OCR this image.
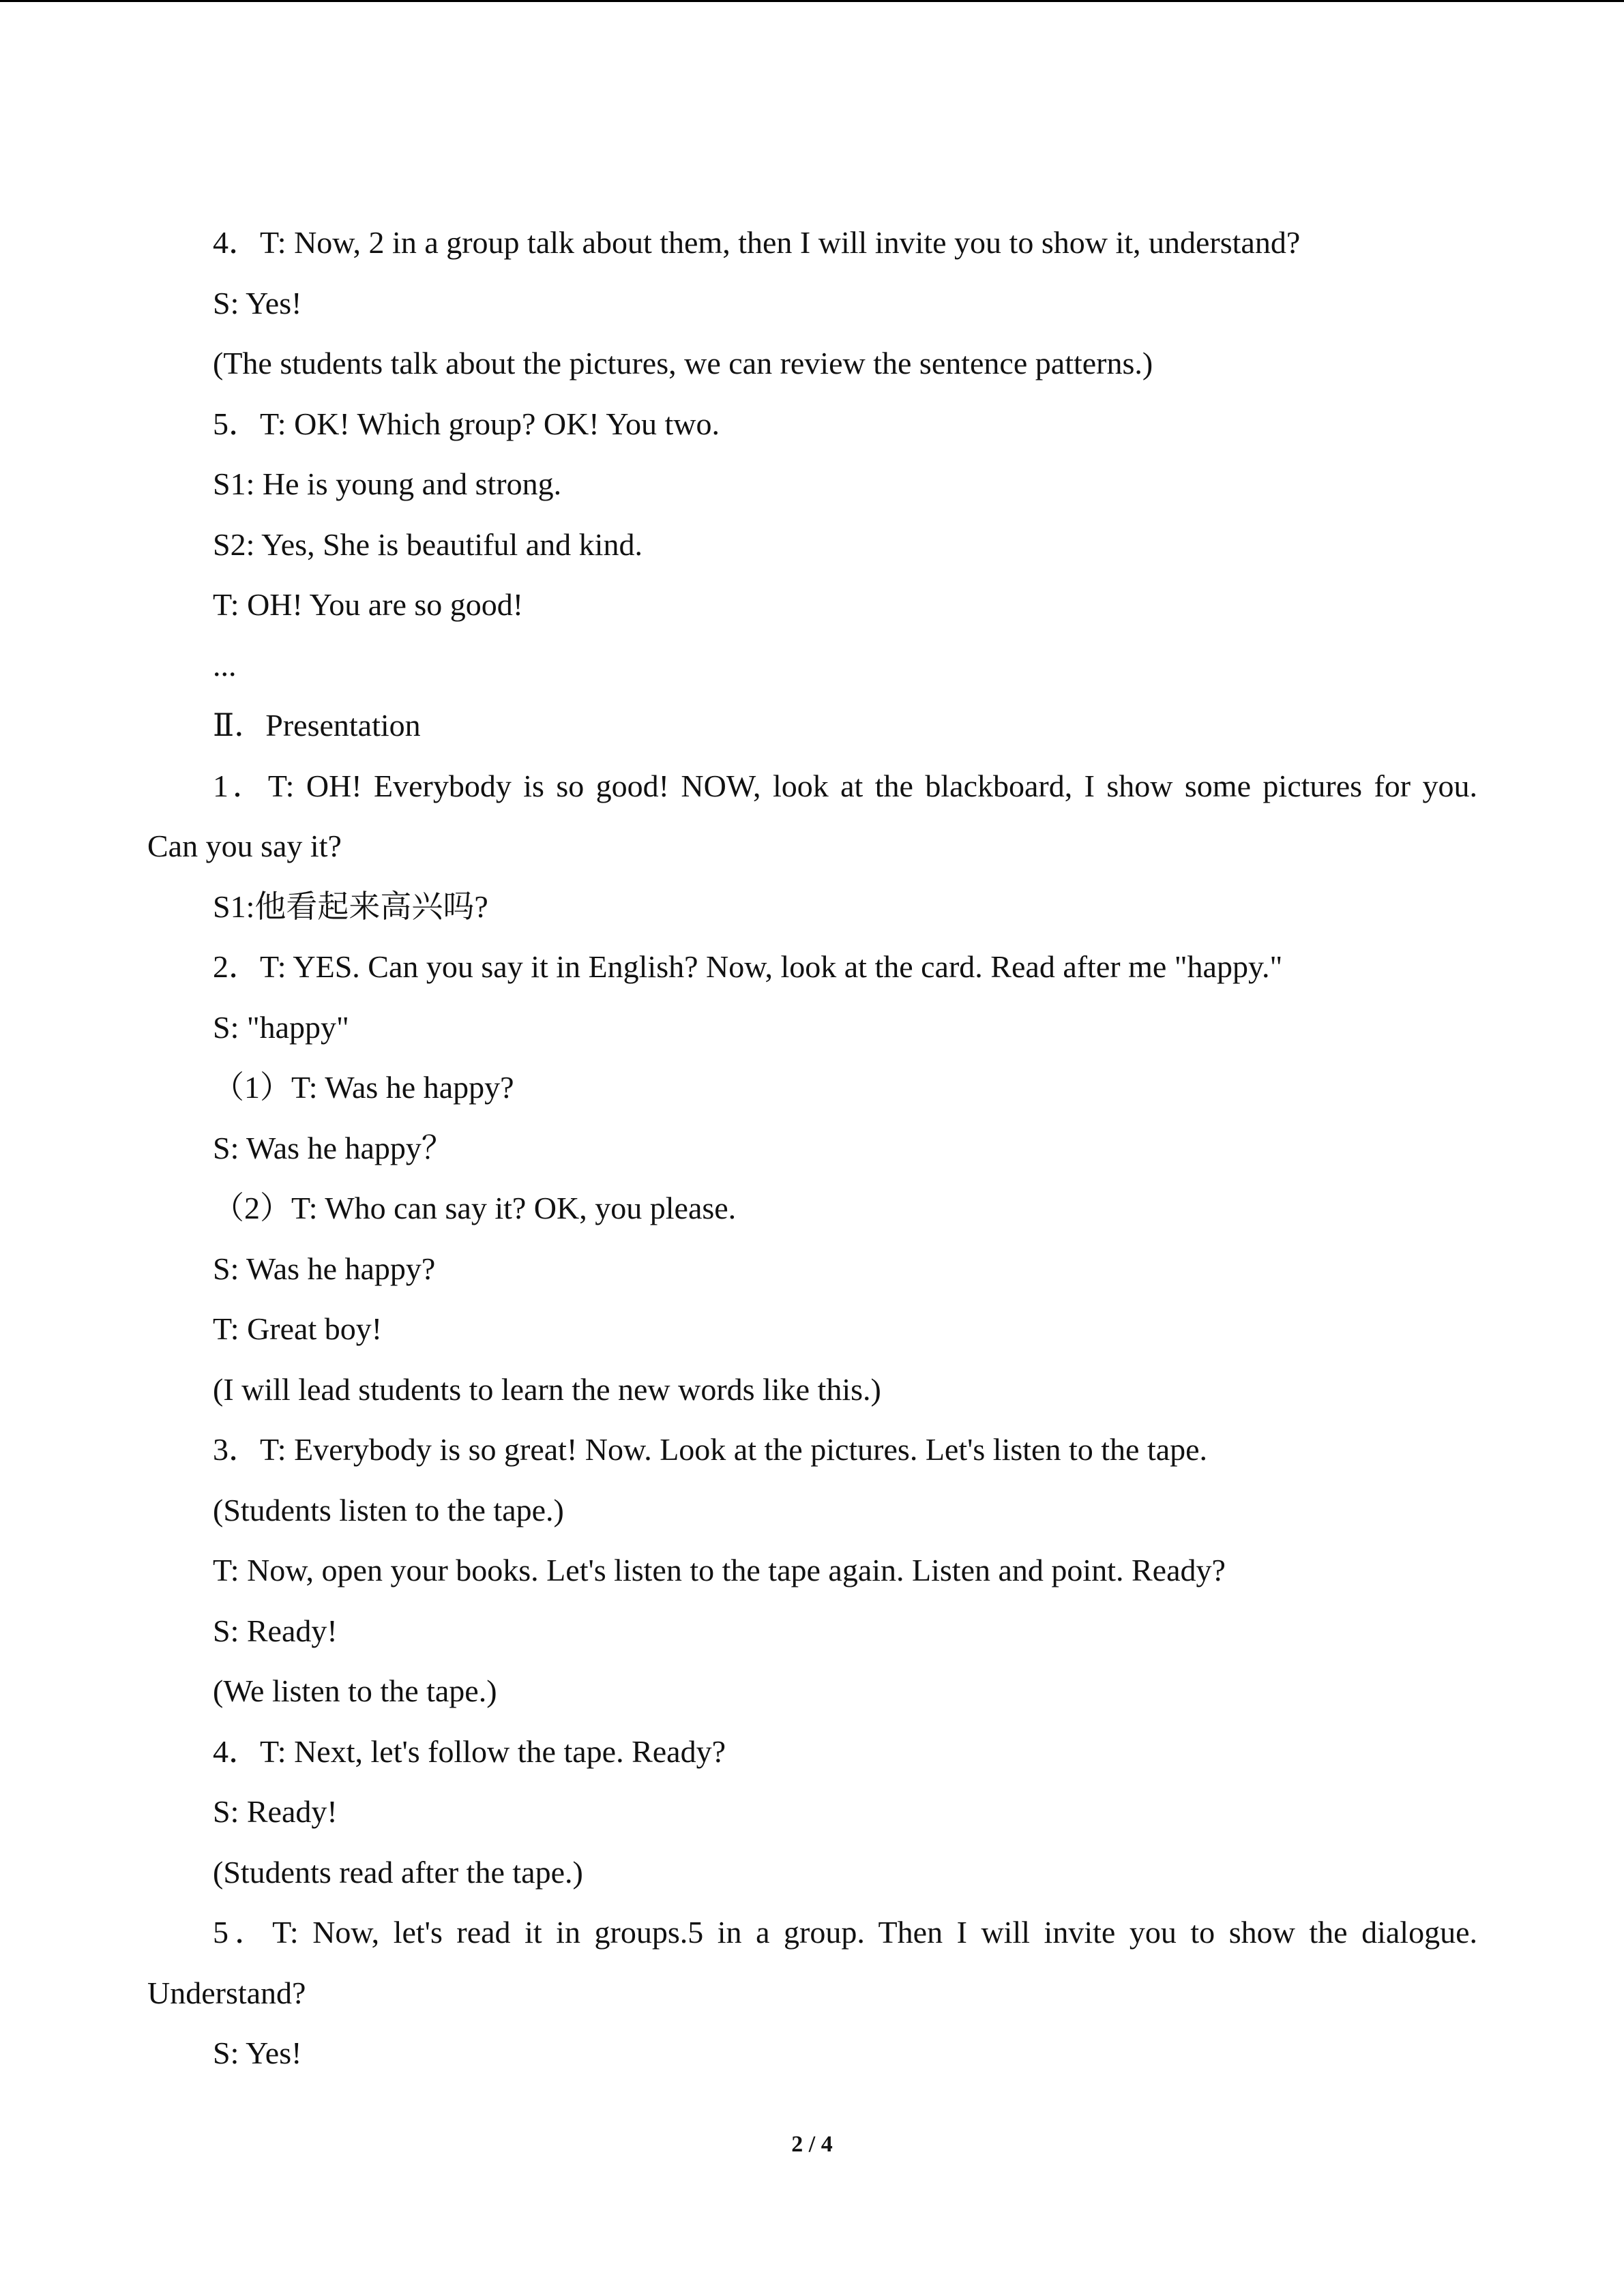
4．T: Now, 2 in a group talk about them, then I will invite you to show it, understand?
S: Yes!
(The students talk about the pictures, we can review the sentence patterns.)
5．T: OK! Which group? OK! You two.
S1: He is young and strong.
S2: Yes, She is beautiful and kind.
T: OH! You are so good!
...
Ⅱ．Presentation
1．T: OH! Everybody is so good! NOW, look at the blackboard, I show some pictures for you.
Can you say it?
S1:他看起来高兴吗?
2．T: YES. Can you say it in English? Now, look at the card. Read after me "happy."
S: "happy"
（1）T: Was he happy?
S: Was he happy？
（2）T: Who can say it? OK, you please.
S: Was he happy?
T: Great boy!
(I will lead students to learn the new words like this.)
3．T: Everybody is so great! Now. Look at the pictures. Let's listen to the tape.
(Students listen to the tape.)
T: Now, open your books. Let's listen to the tape again. Listen and point. Ready?
S: Ready!
(We listen to the tape.)
4．T: Next, let's follow the tape. Ready?
S: Ready!
(Students read after the tape.)
5．T: Now, let's read it in groups.5 in a group. Then I will invite you to show the dialogue.
Understand?
S: Yes!
2 / 4
